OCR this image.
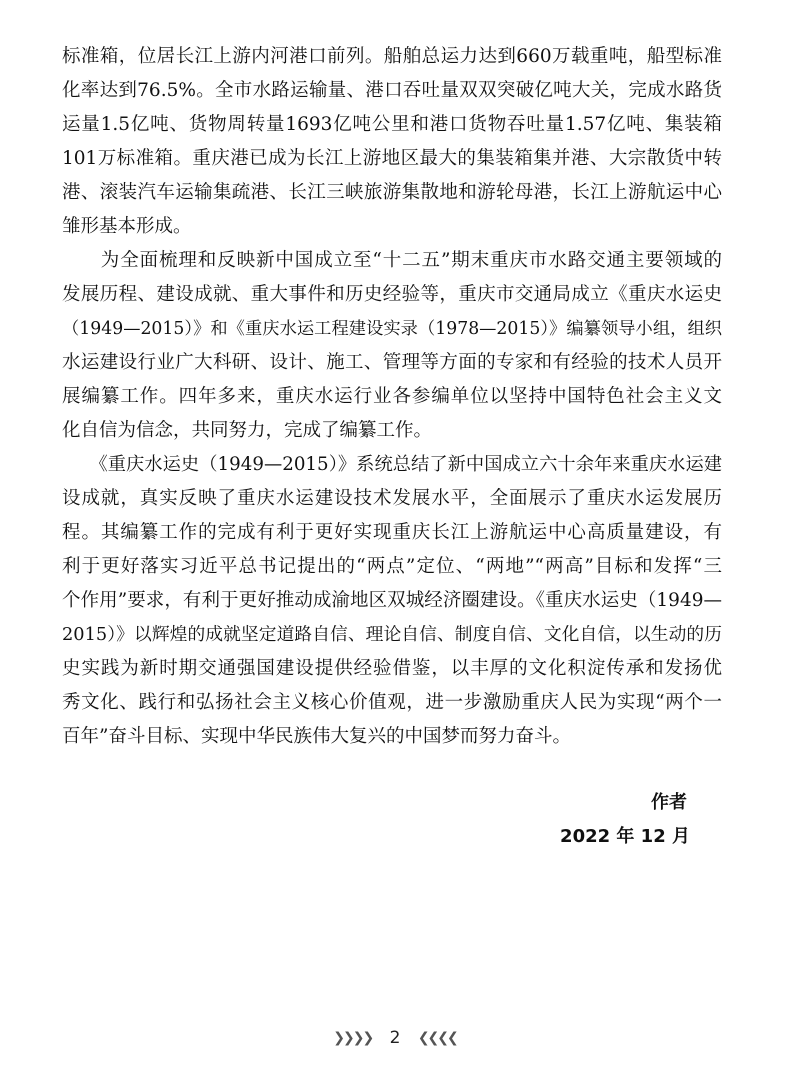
标准箱，位居长江上游内河港口前列。船舶总运力达到660万载重吨，船型标准
化率达到76.5%。全市水路运输量、港口吞吐量双双突破亿吨大关，完成水路货
运量1.5亿吨、货物周转量1693亿吨公里和港口货物吞吐量1.57亿吨、集装箱
101万标准箱。重庆港已成为长江上游地区最大的集装箱集并港、大宗散货中转
港、滚装汽车运输集疏港、长江三峡旅游集散地和游轮母港，长江上游航运中心
雏形基本形成。
　　为全面梳理和反映新中国成立至“十二五”期末重庆市水路交通主要领域的
发展历程、建设成就、重大事件和历史经验等，重庆市交通局成立《重庆水运史
（1949—2015）》和《重庆水运工程建设实录（1978—2015）》编纂领导小组，组织
水运建设行业广大科研、设计、施工、管理等方面的专家和有经验的技术人员开
展编纂工作。四年多来，重庆水运行业各参编单位以坚持中国特色社会主义文
化自信为信念，共同努力，完成了编纂工作。
　　《重庆水运史（1949—2015）》系统总结了新中国成立六十余年来重庆水运建
设成就，真实反映了重庆水运建设技术发展水平，全面展示了重庆水运发展历
程。其编纂工作的完成有利于更好实现重庆长江上游航运中心高质量建设，有
利于更好落实习近平总书记提出的“两点”定位、“两地”“两高”目标和发挥“三
个作用”要求，有利于更好推动成渝地区双城经济圈建设。《重庆水运史（1949—
2015）》以辉煌的成就坚定道路自信、理论自信、制度自信、文化自信，以生动的历
史实践为新时期交通强国建设提供经验借鉴，以丰厚的文化积淀传承和发扬优
秀文化、践行和弘扬社会主义核心价值观，进一步激励重庆人民为实现“两个一
百年”奋斗目标、实现中华民族伟大复兴的中国梦而努力奋斗。
作者
2022 年 12 月
❯❯❯❯ 2 ❮❮❮❮
